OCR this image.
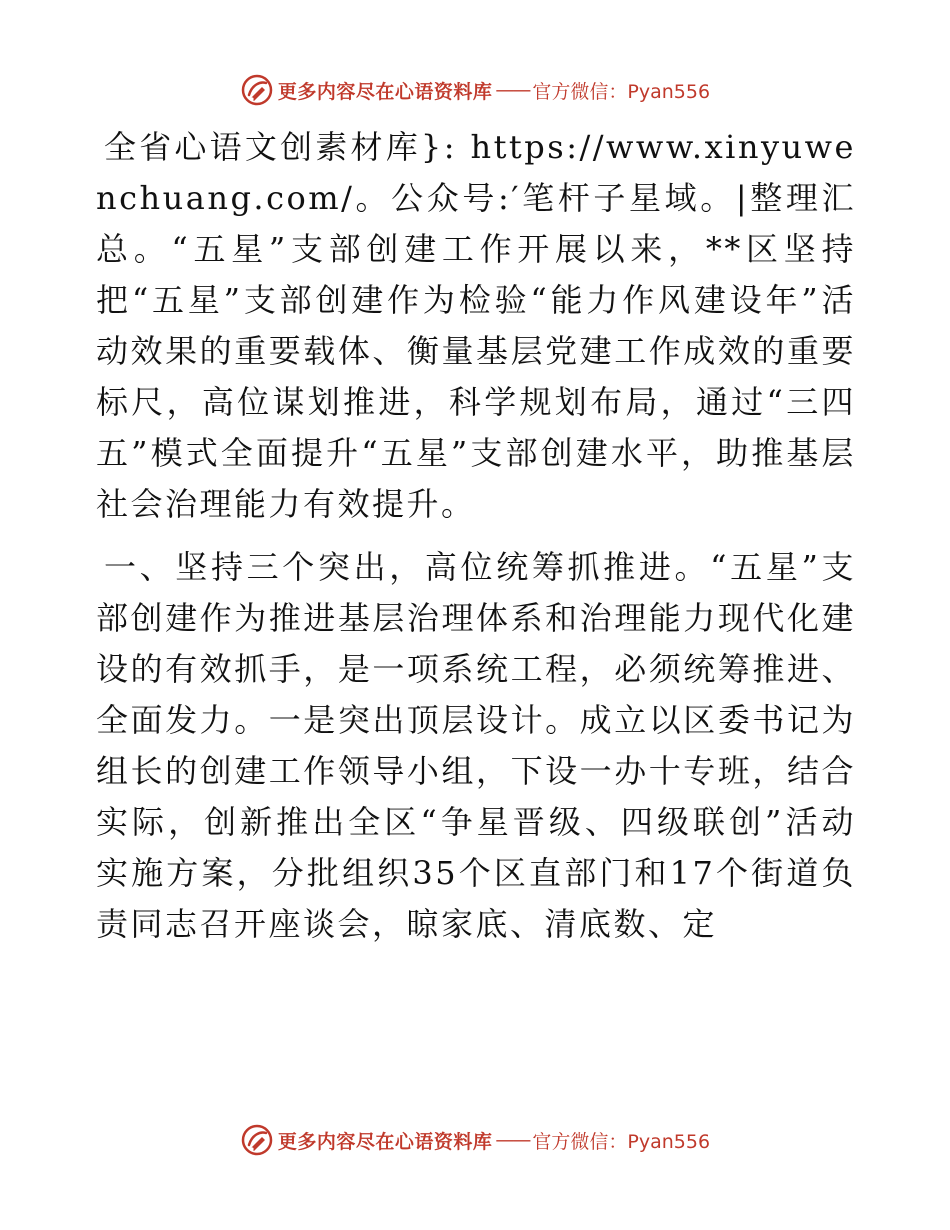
更多内容尽在心语资料库 —— 官方微信：Pyan556

全省心语文创素材库}: https://www.xinyuwenchuang.com/。公众号:′笔杆子星域。|整理汇总。“五星”支部创建工作开展以来，**区坚持把“五星”支部创建作为检验“能力作风建设年”活动效果的重要载体、衡量基层党建工作成效的重要标尺，高位谋划推进，科学规划布局，通过“三四五”模式全面提升“五星”支部创建水平，助推基层社会治理能力有效提升。

一、坚持三个突出，高位统筹抓推进。“五星”支部创建作为推进基层治理体系和治理能力现代化建设的有效抓手，是一项系统工程，必须统筹推进、全面发力。一是突出顶层设计。成立以区委书记为组长的创建工作领导小组，下设一办十专班，结合实际，创新推出全区“争星晋级、四级联创”活动实施方案，分批组织35个区直部门和17个街道负责同志召开座谈会，晾家底、清底数、定

更多内容尽在心语资料库 —— 官方微信：Pyan556
